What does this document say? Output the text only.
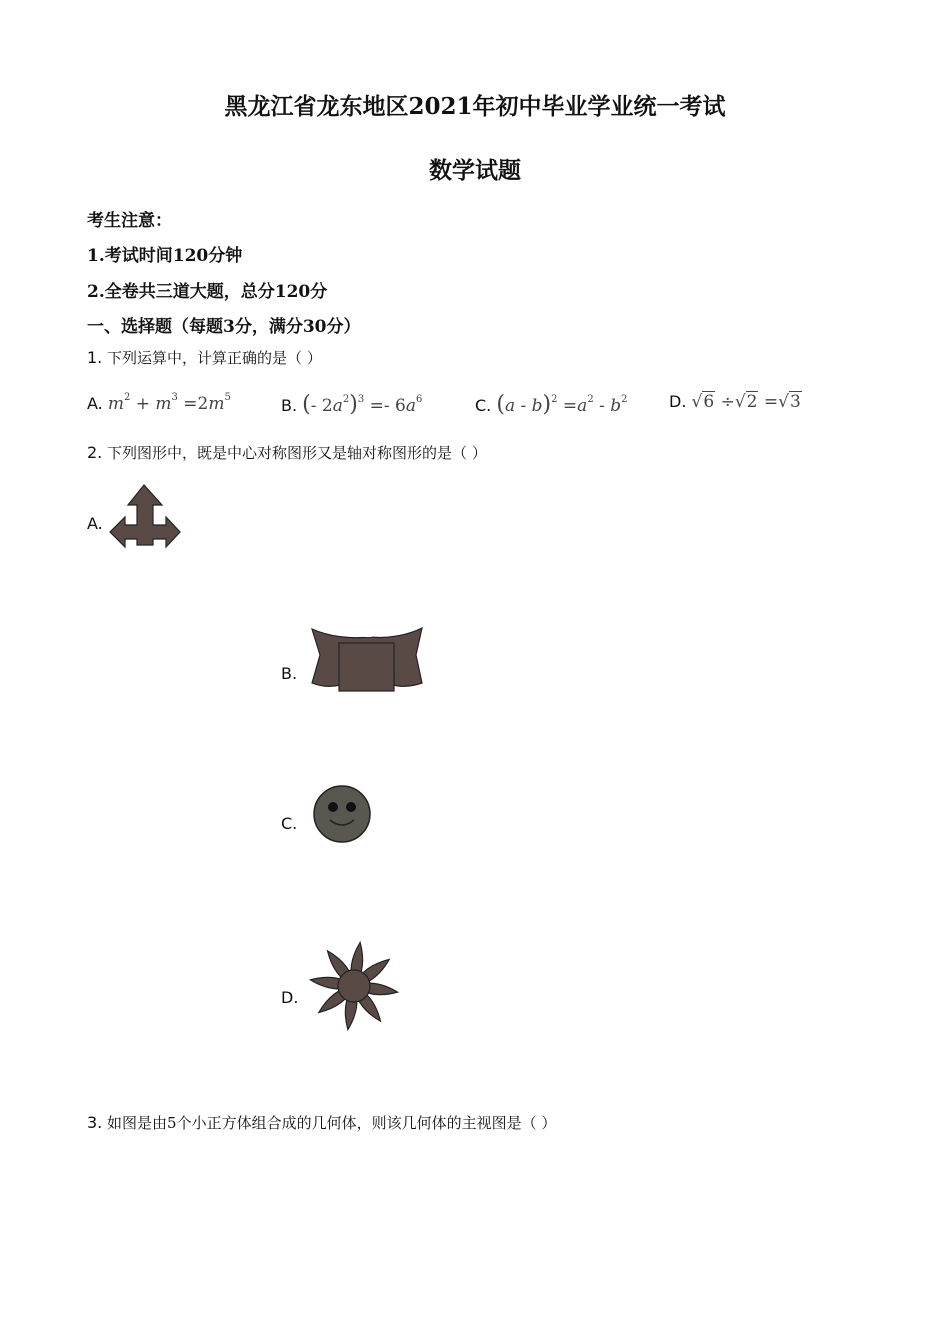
黑龙江省龙东地区2021年初中毕业学业统一考试
数学试题
考生注意：
1.考试时间120分钟
2.全卷共三道大题，总分120分
一、选择题（每题3分，满分30分）
1. 下列运算中，计算正确的是（ ）
A. $m^2 + m^3 =2m^5$	B. (- $2a^2)^3 =- 6a^6$	C. $(a - b)^2 =a^2 - b^2$	D. √6 ÷√2 =√3
2. 下列图形中，既是中心对称图形又是轴对称图形的是（ ）
A.
B.
C.
D.
3. 如图是由5个小正方体组合成的几何体，则该几何体的主视图是（ ）
